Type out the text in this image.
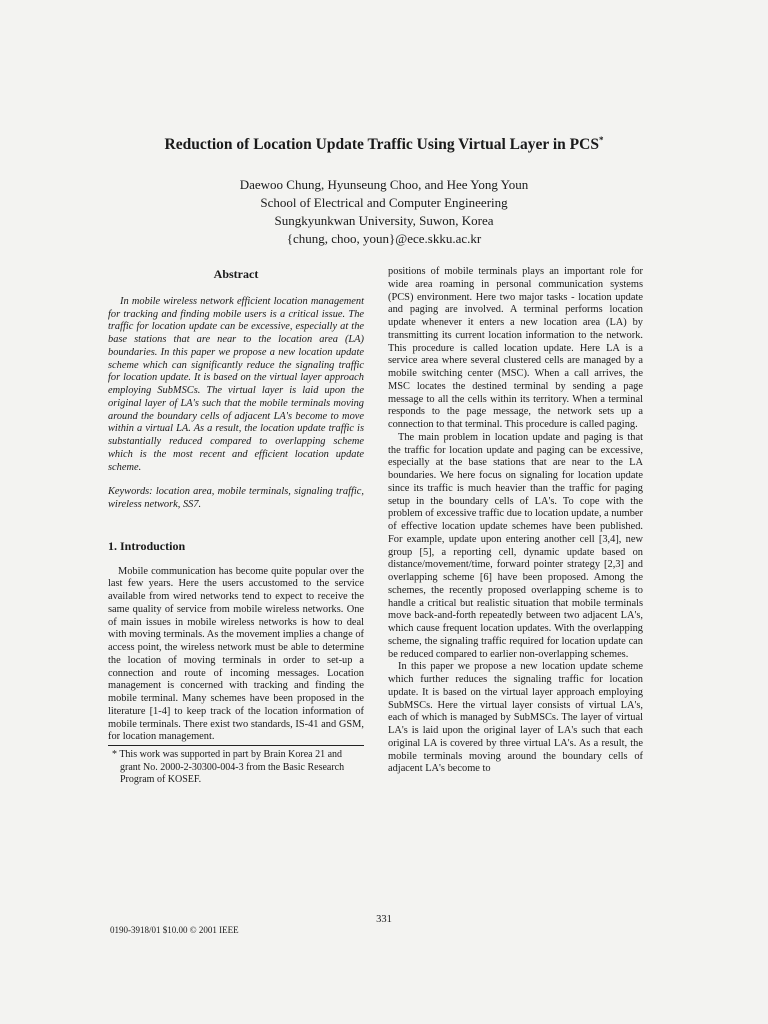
Reduction of Location Update Traffic Using Virtual Layer in PCS*
Daewoo Chung, Hyunseung Choo, and Hee Yong Youn
School of Electrical and Computer Engineering
Sungkyunkwan University, Suwon, Korea
{chung, choo, youn}@ece.skku.ac.kr
Abstract

In mobile wireless network efficient location management for tracking and finding mobile users is a critical issue. The traffic for location update can be excessive, especially at the base stations that are near to the location area (LA) boundaries. In this paper we propose a new location update scheme which can significantly reduce the signaling traffic for location update. It is based on the virtual layer approach employing SubMSCs. The virtual layer is laid upon the original layer of LA's such that the mobile terminals moving around the boundary cells of adjacent LA's become to move within a virtual LA. As a result, the location update traffic is substantially reduced compared to overlapping scheme which is the most recent and efficient location update scheme.

Keywords: location area, mobile terminals, signaling traffic, wireless network, SS7.

1. Introduction

Mobile communication has become quite popular over the last few years. Here the users accustomed to the service available from wired networks tend to expect to receive the same quality of service from mobile wireless networks. One of main issues in mobile wireless networks is how to deal with moving terminals. As the movement implies a change of access point, the wireless network must be able to determine the location of moving terminals in order to set-up a connection and route of incoming messages. Location management is concerned with tracking and finding the mobile terminal. Many schemes have been proposed in the literature [1-4] to keep track of the location information of mobile terminals. There exist two standards, IS-41 and GSM, for location management.

* This work was supported in part by Brain Korea 21 and grant No. 2000-2-30300-004-3 from the Basic Research Program of KOSEF.

positions of mobile terminals plays an important role for wide area roaming in personal communication systems (PCS) environment. Here two major tasks - location update and paging are involved. A terminal performs location update whenever it enters a new location area (LA) by transmitting its current location information to the network. This procedure is called location update. Here LA is a service area where several clustered cells are managed by a mobile switching center (MSC). When a call arrives, the MSC locates the destined terminal by sending a page message to all the cells within its territory. When a terminal responds to the page message, the network sets up a connection to that terminal. This procedure is called paging.

The main problem in location update and paging is that the traffic for location update and paging can be excessive, especially at the base stations that are near to the LA boundaries. We here focus on signaling for location update since its traffic is much heavier than the traffic for paging setup in the boundary cells of LA's. To cope with the problem of excessive traffic due to location update, a number of effective location update schemes have been published. For example, update upon entering another cell [3,4], new group [5], a reporting cell, dynamic update based on distance/movement/time, forward pointer strategy [2,3] and overlapping scheme [6] have been proposed. Among the schemes, the recently proposed overlapping scheme is to handle a critical but realistic situation that mobile terminals move back-and-forth repeatedly between two adjacent LA's, which cause frequent location updates. With the overlapping scheme, the signaling traffic required for location update can be reduced compared to earlier non-overlapping schemes.

In this paper we propose a new location update scheme which further reduces the signaling traffic for location update. It is based on the virtual layer approach employing SubMSCs. Here the virtual layer consists of virtual LA's, each of which is managed by SubMSCs. The layer of virtual LA's is laid upon the original layer of LA's such that each original LA is covered by three virtual LA's. As a result, the mobile terminals moving around the boundary cells of adjacent LA's become to

331
0190-3918/01 $10.00 © 2001 IEEE
